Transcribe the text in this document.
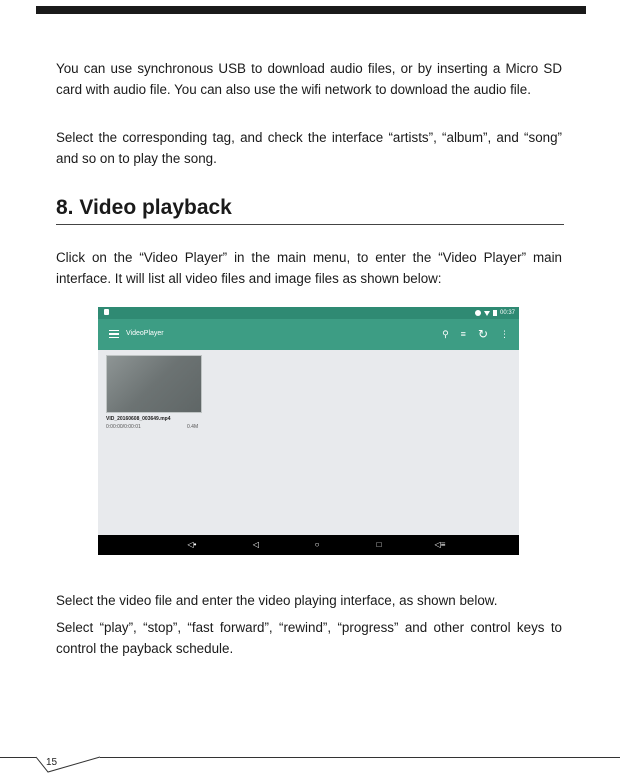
You can use synchronous USB to download audio files, or by inserting a Micro SD card with audio file. You can also use the wifi network to download the audio file.

Select the corresponding tag, and check the interface “artists”, “album”, and “song” and so on to play the song.

8. Video playback

Click on the “Video Player” in the main menu, to enter the “Video Player” main interface. It will list all video files and image files as shown below:

00:37
VideoPlayer	⚲ ≡ ↻ ⋮
VID_20160608_003649.mp4
0:00:00/0:00:01	0.4M
◁•	◁	○	□	◁≡

Select the video file and enter the video playing interface, as shown below.

Select “play”, “stop”, “fast forward”, “rewind”, “progress” and other control keys to control the payback schedule.

15
